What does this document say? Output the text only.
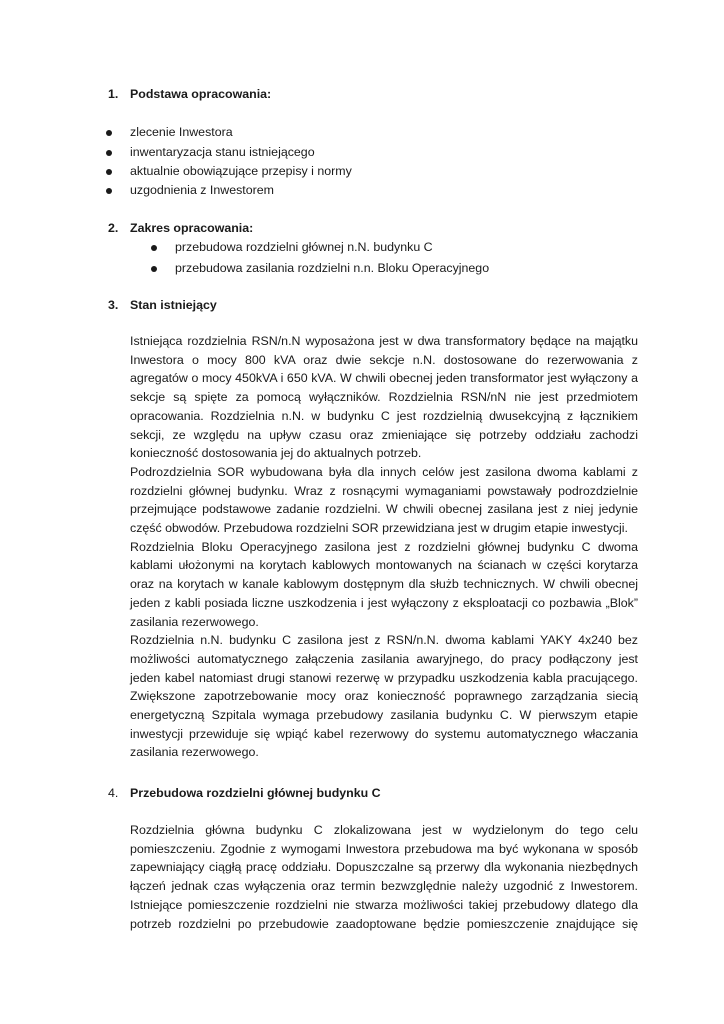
1. Podstawa opracowania:
zlecenie Inwestora
inwentaryzacja stanu istniejącego
aktualnie obowiązujące przepisy i normy
uzgodnienia z Inwestorem
2. Zakres opracowania:
przebudowa rozdzielni głównej n.N. budynku C
przebudowa zasilania rozdzielni n.n. Bloku Operacyjnego
3. Stan istniejący

Istniejąca rozdzielnia RSN/n.N wyposażona jest w dwa transformatory będące na majątku Inwestora o mocy 800 kVA oraz dwie sekcje n.N. dostosowane do rezerwowania z agregatów o mocy 450kVA i 650 kVA. W chwili obecnej jeden transformator jest wyłączony a sekcje są spięte za pomocą wyłączników. Rozdzielnia RSN/nN nie jest przedmiotem opracowania. Rozdzielnia n.N. w budynku C jest rozdzielnią dwusekcyjną z łącznikiem sekcji, ze względu na upływ czasu oraz zmieniające się potrzeby oddziału zachodzi konieczność dostosowania jej do aktualnych potrzeb.

Podrozdzielnia SOR wybudowana była dla innych celów jest zasilona dwoma kablami z rozdzielni głównej budynku. Wraz z rosnącymi wymaganiami powstawały podrozdzielnie przejmujące podstawowe zadanie rozdzielni. W chwili obecnej zasilana jest z niej jedynie część obwodów. Przebudowa rozdzielni SOR przewidziana jest w drugim etapie inwestycji.

Rozdzielnia Bloku Operacyjnego zasilona jest z rozdzielni głównej budynku C dwoma kablami ułożonymi na korytach kablowych montowanych na ścianach w części korytarza oraz na korytach w kanale kablowym dostępnym dla służb technicznych. W chwili obecnej jeden z kabli posiada liczne uszkodzenia i jest wyłączony z eksploatacji co pozbawia „Blok” zasilania rezerwowego.

Rozdzielnia n.N. budynku C zasilona jest z RSN/n.N. dwoma kablami YAKY 4x240 bez możliwości automatycznego załączenia zasilania awaryjnego, do pracy podłączony jest jeden kabel natomiast drugi stanowi rezerwę w przypadku uszkodzenia kabla pracującego. Zwiększone zapotrzebowanie mocy oraz konieczność poprawnego zarządzania siecią energetyczną Szpitala wymaga przebudowy zasilania budynku C. W pierwszym etapie inwestycji przewiduje się wpiąć kabel rezerwowy do systemu automatycznego właczania zasilania rezerwowego.

4. Przebudowa rozdzielni głównej budynku C

Rozdzielnia główna budynku C zlokalizowana jest w wydzielonym do tego celu pomieszczeniu. Zgodnie z wymogami Inwestora przebudowa ma być wykonana w sposób zapewniający ciągłą pracę oddziału. Dopuszczalne są przerwy dla wykonania niezbędnych łączeń jednak czas wyłączenia oraz termin bezwzględnie należy uzgodnić z Inwestorem. Istniejące pomieszczenie rozdzielni nie stwarza możliwości takiej przebudowy dlatego dla potrzeb rozdzielni po przebudowie zaadoptowane będzie pomieszczenie znajdujące się
